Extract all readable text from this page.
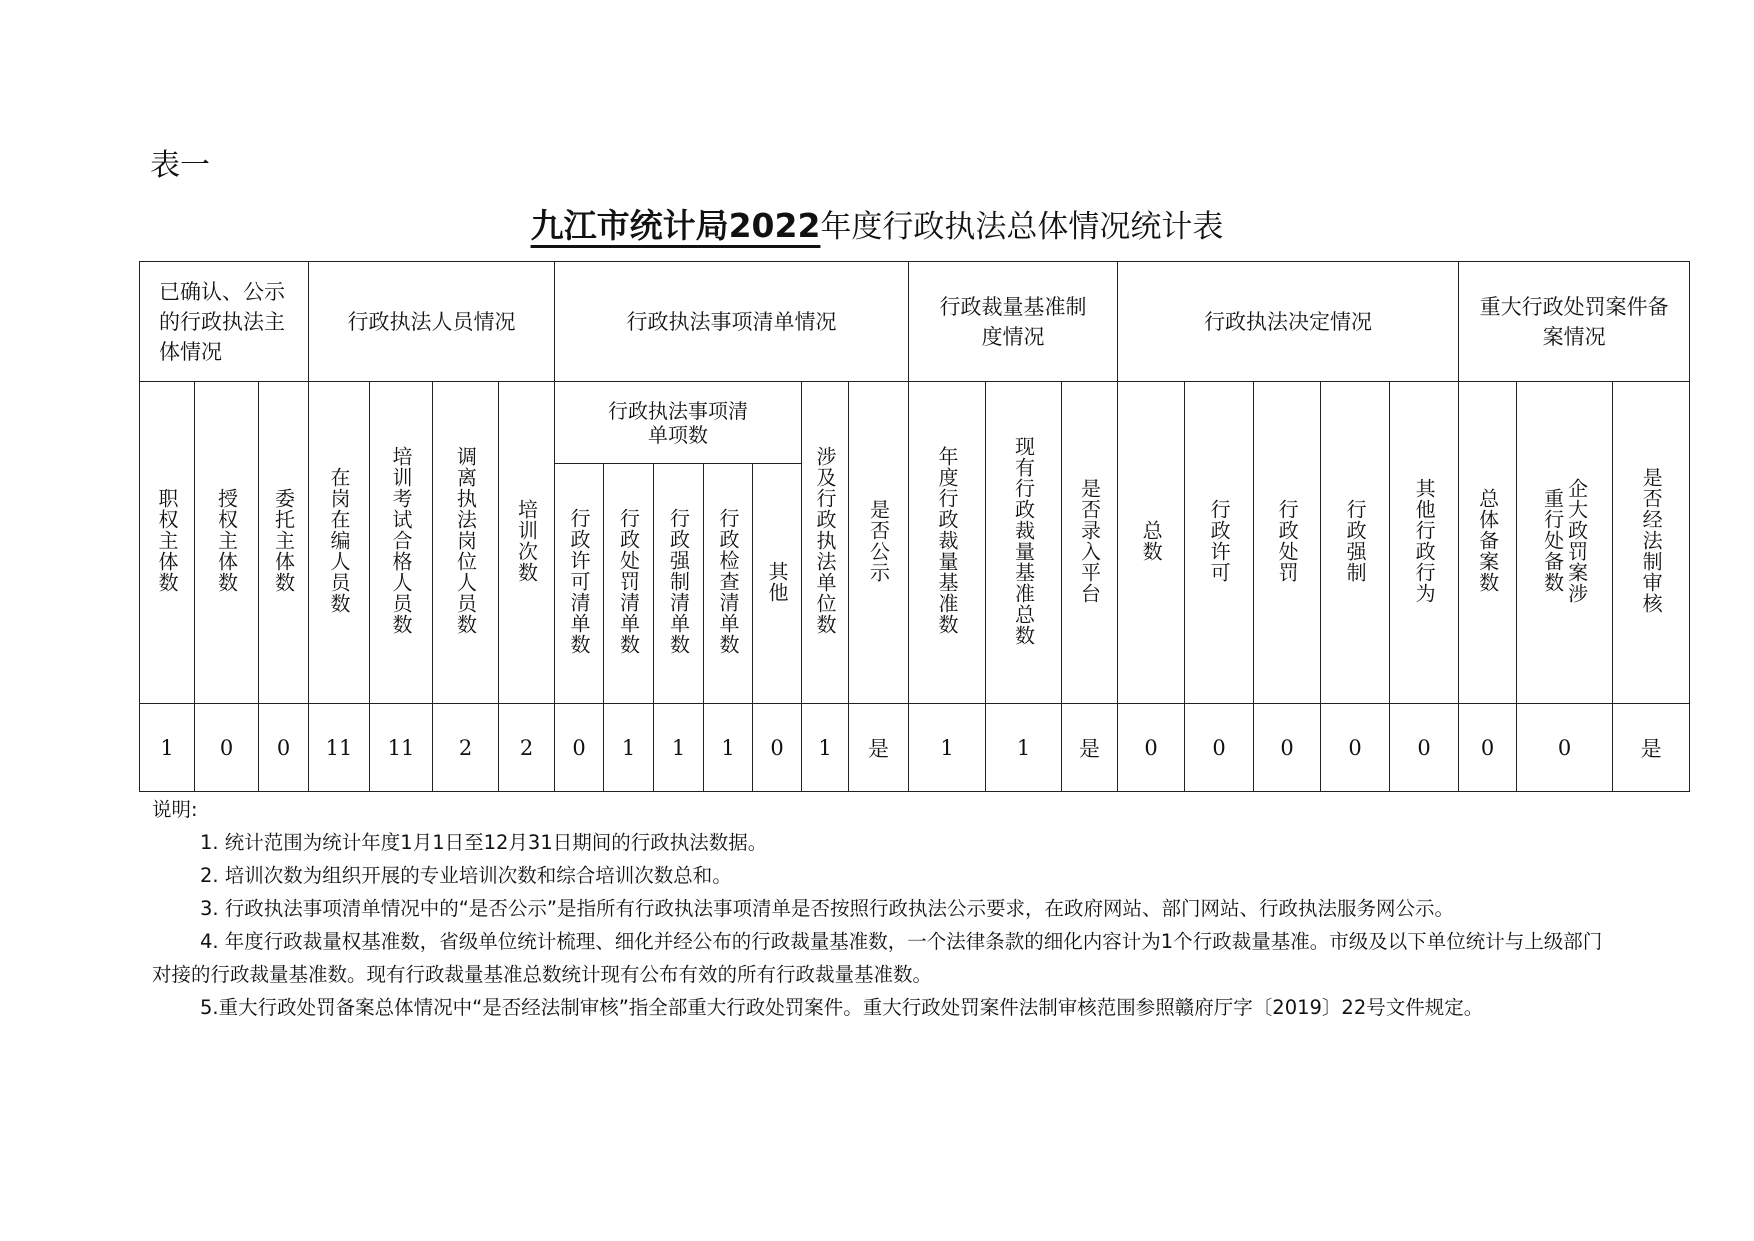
表一
九江市统计局2022年度行政执法总体情况统计表
已确认、公示的行政执法主体情况			行政执法人员情况				行政执法事项清单情况							行政裁量基准制度情况			行政执法决定情况					重大行政处罚案件备案情况		

职权主体数	授权主体数	委托主体数	在岗在编人员数	培训考试合格人员数	调离执法岗位人员数	培训次数	行政执法事项清单项数					涉及行政执法单位数	是否公示	年度行政裁量基准数	现有行政裁量基准总数	是否录入平台	总数	行政许可	行政处罚	行政强制	其他行政行为	总体备案数	企大政罚案涉重行处备数	是否经法制审核
							行政许可清单数	行政处罚清单数	行政强制清单数	行政检查清单数	其他													
1	0	0	11	11	2	2	0	1	1	1	0	1	是	1	1	是	0	0	0	0	0	0	0	是

说明:

1. 统计范围为统计年度1月1日至12月31日期间的行政执法数据。

2. 培训次数为组织开展的专业培训次数和综合培训次数总和。

3. 行政执法事项清单情况中的“是否公示”是指所有行政执法事项清单是否按照行政执法公示要求，在政府网站、部门网站、行政执法服务网公示。

4. 年度行政裁量权基准数，省级单位统计梳理、细化并经公布的行政裁量基准数，一个法律条款的细化内容计为1个行政裁量基准。市级及以下单位统计与上级部门对接的行政裁量基准数。现有行政裁量基准总数统计现有公布有效的所有行政裁量基准数。

5.重大行政处罚备案总体情况中“是否经法制审核”指全部重大行政处罚案件。重大行政处罚案件法制审核范围参照赣府厅字〔2019〕22号文件规定。
